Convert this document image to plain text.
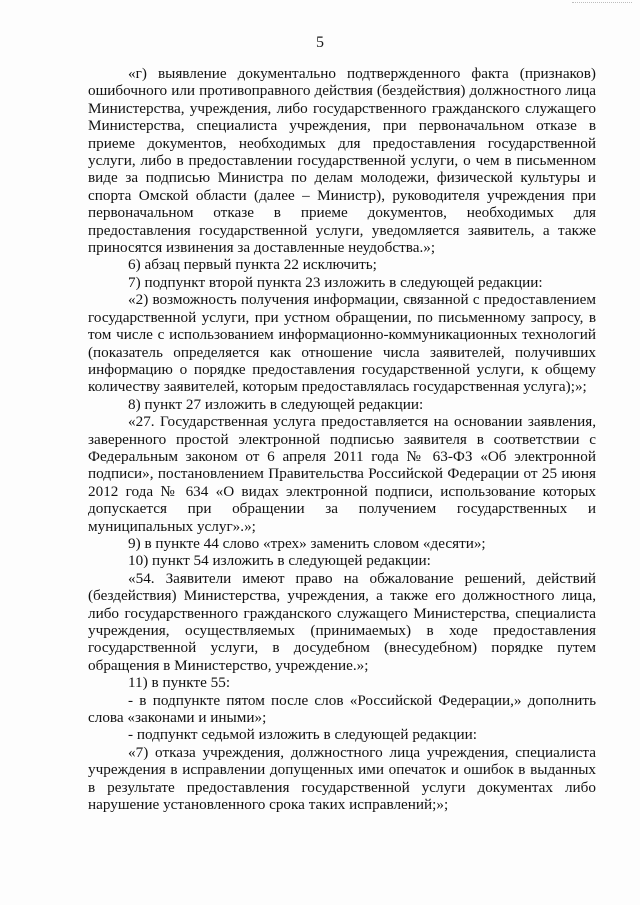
5

«г) выявление документально подтвержденного факта (признаков) ошибочного или противоправного действия (бездействия) должностного лица Министерства, учреждения, либо государственного гражданского служащего Министерства, специалиста учреждения, при первоначальном отказе в приеме документов, необходимых для предоставления государственной услуги, либо в предоставлении государственной услуги, о чем в письменном виде за подписью Министра по делам молодежи, физической культуры и спорта Омской области (далее – Министр), руководителя учреждения при первоначальном отказе в приеме документов, необходимых для предоставления государственной услуги, уведомляется заявитель, а также приносятся извинения за доставленные неудобства.»;

6) абзац первый пункта 22 исключить;

7) подпункт второй пункта 23 изложить в следующей редакции:

«2) возможность получения информации, связанной с предоставлением государственной услуги, при устном обращении, по письменному запросу, в том числе с использованием информационно-коммуникационных технологий (показатель определяется как отношение числа заявителей, получивших информацию о порядке предоставления государственной услуги, к общему количеству заявителей, которым предоставлялась государственная услуга);»;

8) пункт 27 изложить в следующей редакции:

«27. Государственная услуга предоставляется на основании заявления, заверенного простой электронной подписью заявителя в соответствии с Федеральным законом от 6 апреля 2011 года № 63-ФЗ «Об электронной подписи», постановлением Правительства Российской Федерации от 25 июня 2012 года № 634 «О видах электронной подписи, использование которых допускается при обращении за получением государственных и муниципальных услуг».»;

9) в пункте 44 слово «трех» заменить словом «десяти»;

10) пункт 54 изложить в следующей редакции:

«54. Заявители имеют право на обжалование решений, действий (бездействия) Министерства, учреждения, а также его должностного лица, либо государственного гражданского служащего Министерства, специалиста учреждения, осуществляемых (принимаемых) в ходе предоставления государственной услуги, в досудебном (внесудебном) порядке путем обращения в Министерство, учреждение.»;

11) в пункте 55:

- в подпункте пятом после слов «Российской Федерации,» дополнить слова «законами и иными»;

- подпункт седьмой изложить в следующей редакции:

«7) отказа учреждения, должностного лица учреждения, специалиста учреждения в исправлении допущенных ими опечаток и ошибок в выданных в результате предоставления государственной услуги документах либо нарушение установленного срока таких исправлений;»;
